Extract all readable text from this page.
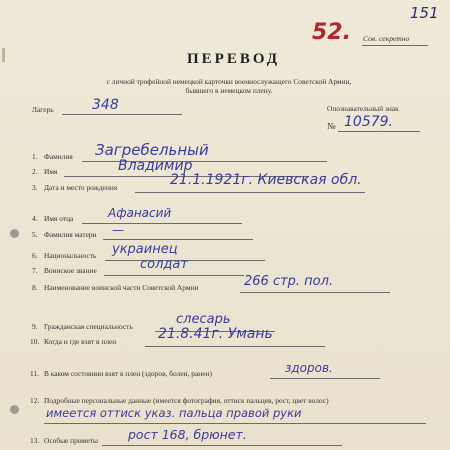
151
52. Сов. секретно
ПЕРЕВОД
с личной трофейной немецкой карточки военнослужащего Советской Армии,
бывшего в немецком плену.
Лагерь	348	Опознавательный знак
№ 10579.
1. Фамилия Загребельный
2. Имя	Владимир
3. Дата и место рождения	21.1.1921г. Киевская обл.
4. Имя отца	Афанасий
5. Фамилия матери —
6. Национальность украинец
7. Воинское звание	солдат
8. Наименование воинской части Советской Армии	266 стр. пол.
9. Гражданская специальность	слесарь
10. Когда и где взят в плен	21.8.41г. Умань
11. В каком состоянии взят в плен (здоров, болен, ранен)	здоров.
12. Подробные персональные данные (имеется фотография, оттиск пальцев, рост, цвет волос)
имеется оттиск указ. пальца правой руки
13. Особые приметы рост 168, брюнет.
